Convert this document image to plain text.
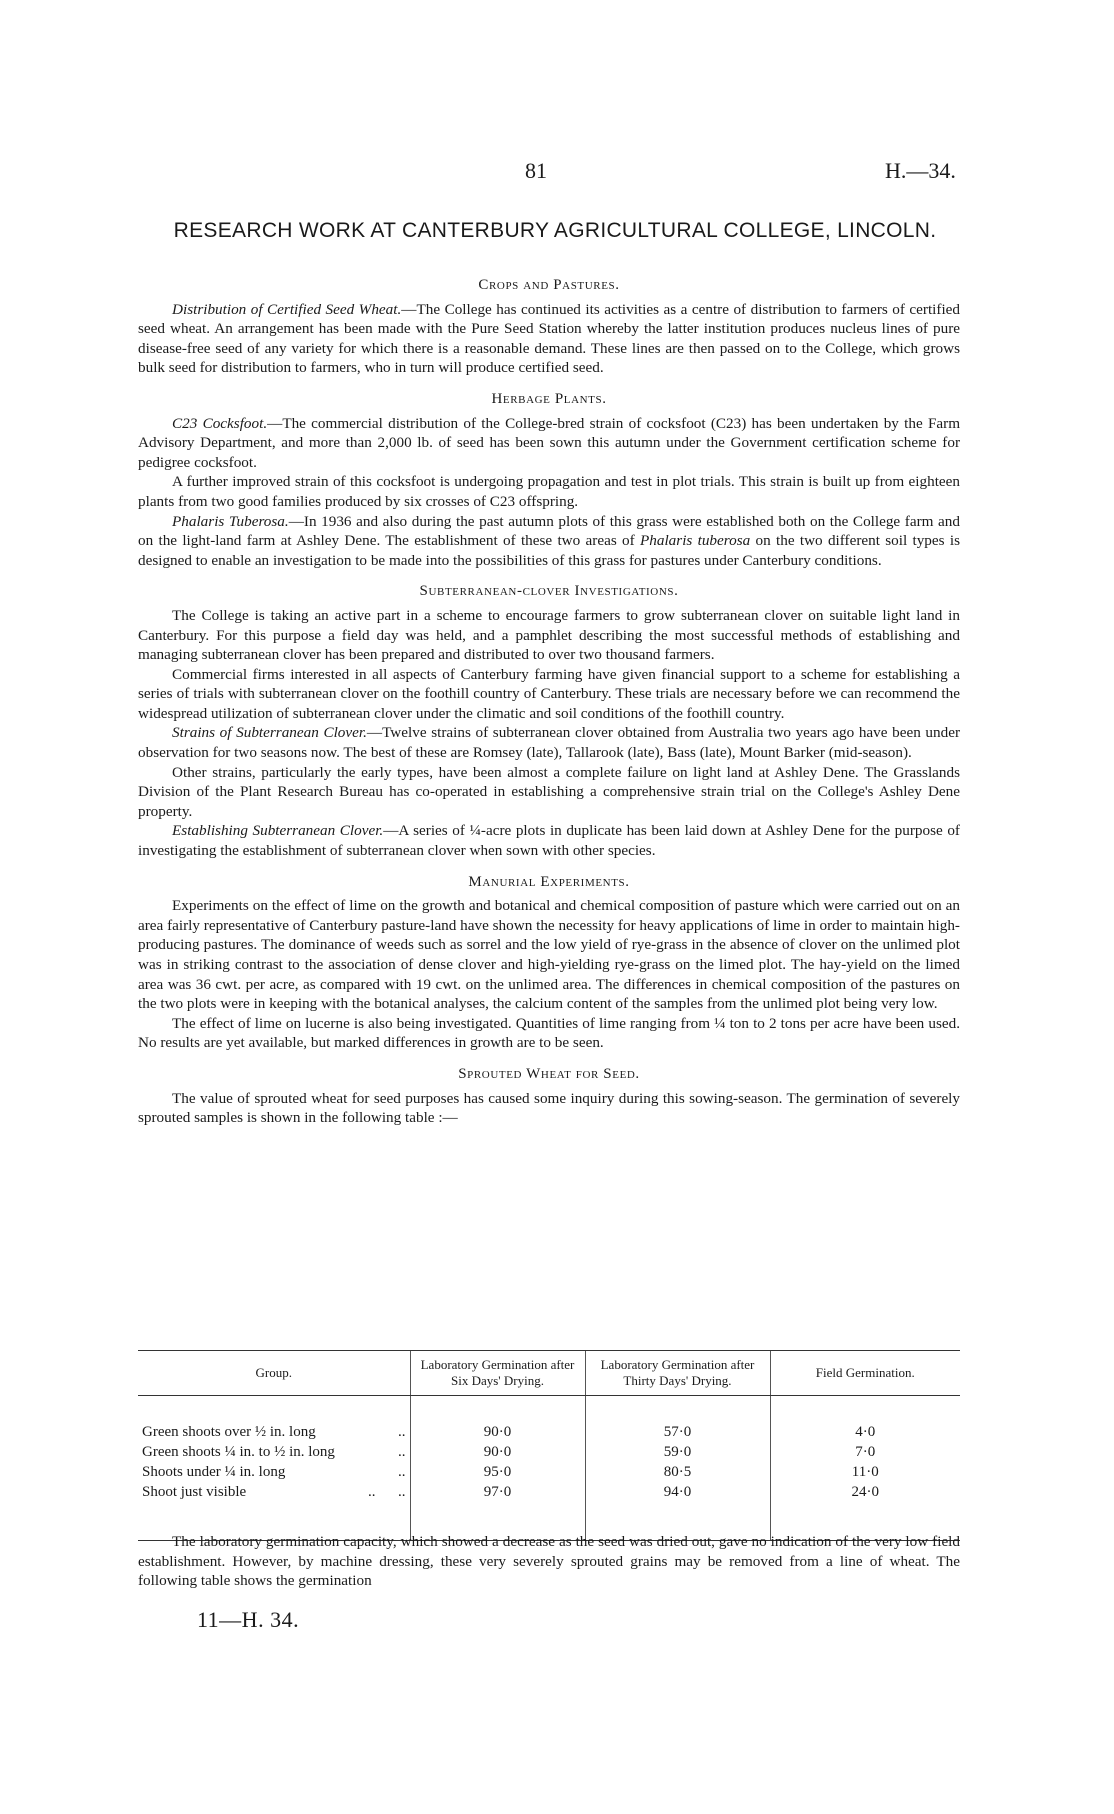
81	H.—34.
RESEARCH WORK AT CANTERBURY AGRICULTURAL COLLEGE, LINCOLN.
Crops and Pastures.

Distribution of Certified Seed Wheat.—The College has continued its activities as a centre of distribution to farmers of certified seed wheat. An arrangement has been made with the Pure Seed Station whereby the latter institution produces nucleus lines of pure disease-free seed of any variety for which there is a reasonable demand. These lines are then passed on to the College, which grows bulk seed for distribution to farmers, who in turn will produce certified seed.

Herbage Plants.

C23 Cocksfoot.—The commercial distribution of the College-bred strain of cocksfoot (C23) has been undertaken by the Farm Advisory Department, and more than 2,000 lb. of seed has been sown this autumn under the Government certification scheme for pedigree cocksfoot.

A further improved strain of this cocksfoot is undergoing propagation and test in plot trials. This strain is built up from eighteen plants from two good families produced by six crosses of C23 offspring.

Phalaris Tuberosa.—In 1936 and also during the past autumn plots of this grass were established both on the College farm and on the light-land farm at Ashley Dene. The establishment of these two areas of Phalaris tuberosa on the two different soil types is designed to enable an investigation to be made into the possibilities of this grass for pastures under Canterbury conditions.

Subterranean-clover Investigations.

The College is taking an active part in a scheme to encourage farmers to grow subterranean clover on suitable light land in Canterbury. For this purpose a field day was held, and a pamphlet describing the most successful methods of establishing and managing subterranean clover has been prepared and distributed to over two thousand farmers.

Commercial firms interested in all aspects of Canterbury farming have given financial support to a scheme for establishing a series of trials with subterranean clover on the foothill country of Canterbury. These trials are necessary before we can recommend the widespread utilization of subterranean clover under the climatic and soil conditions of the foothill country.

Strains of Subterranean Clover.—Twelve strains of subterranean clover obtained from Australia two years ago have been under observation for two seasons now. The best of these are Romsey (late), Tallarook (late), Bass (late), Mount Barker (mid-season).

Other strains, particularly the early types, have been almost a complete failure on light land at Ashley Dene. The Grasslands Division of the Plant Research Bureau has co-operated in establishing a comprehensive strain trial on the College's Ashley Dene property.

Establishing Subterranean Clover.—A series of ¼-acre plots in duplicate has been laid down at Ashley Dene for the purpose of investigating the establishment of subterranean clover when sown with other species.

Manurial Experiments.

Experiments on the effect of lime on the growth and botanical and chemical composition of pasture which were carried out on an area fairly representative of Canterbury pasture-land have shown the necessity for heavy applications of lime in order to maintain high-producing pastures. The dominance of weeds such as sorrel and the low yield of rye-grass in the absence of clover on the unlimed plot was in striking contrast to the association of dense clover and high-yielding rye-grass on the limed plot. The hay-yield on the limed area was 36 cwt. per acre, as compared with 19 cwt. on the unlimed area. The differences in chemical composition of the pastures on the two plots were in keeping with the botanical analyses, the calcium content of the samples from the unlimed plot being very low.

The effect of lime on lucerne is also being investigated. Quantities of lime ranging from ¼ ton to 2 tons per acre have been used. No results are yet available, but marked differences in growth are to be seen.

Sprouted Wheat for Seed.

The value of sprouted wheat for seed purposes has caused some inquiry during this sowing-season. The germination of severely sprouted samples is shown in the following table :—

Group.	Laboratory Germination after Six Days' Drying.	Laboratory Germination after Thirty Days' Drying.	Field Germination.

Green shoots over ½ in. long ..	90·0	57·0	4·0
Green shoots ¼ in. to ½ in. long ..	90·0	59·0	7·0
Shoots under ¼ in. long ..	95·0	80·5	11·0
Shoot just visible ..      ..	97·0	94·0	24·0

The laboratory germination capacity, which showed a decrease as the seed was dried out, gave no indication of the very low field establishment. However, by machine dressing, these very severely sprouted grains may be removed from a line of wheat. The following table shows the germination

11—H. 34.
